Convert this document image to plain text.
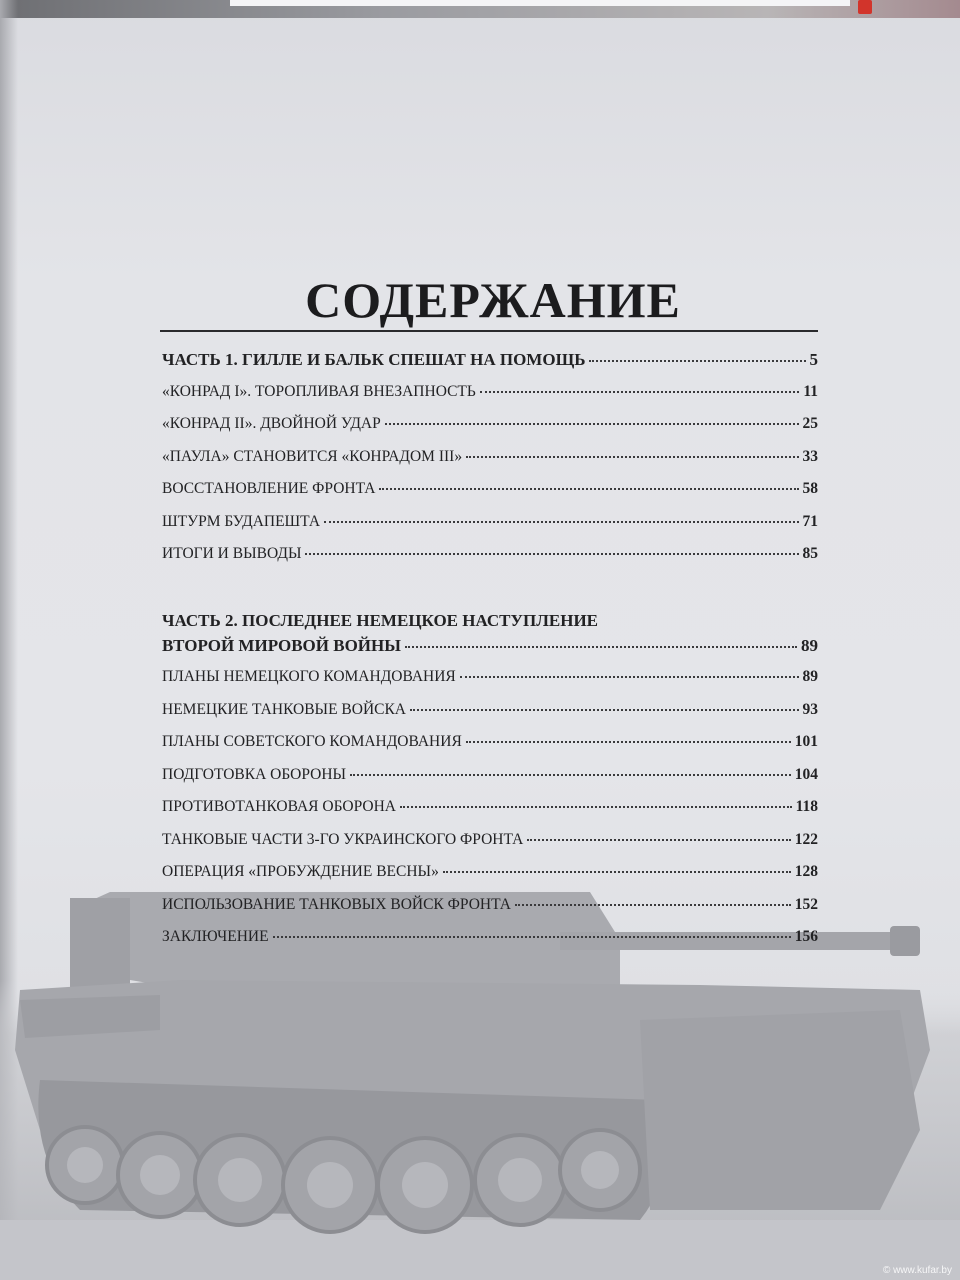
СОДЕРЖАНИЕ
ЧАСТЬ 1. ГИЛЛЕ И БАЛЬК СПЕШАТ НА ПОМОЩЬ	5
«КОНРАД I». ТОРОПЛИВАЯ ВНЕЗАПНОСТЬ	11
«КОНРАД II». ДВОЙНОЙ УДАР	25
«ПАУЛА» СТАНОВИТСЯ «КОНРАДОМ III»	33
ВОССТАНОВЛЕНИЕ ФРОНТА	58
ШТУРМ БУДАПЕШТА	71
ИТОГИ И ВЫВОДЫ	85
ЧАСТЬ 2. ПОСЛЕДНЕЕ НЕМЕЦКОЕ НАСТУПЛЕНИЕ
ВТОРОЙ МИРОВОЙ ВОЙНЫ	89
ПЛАНЫ НЕМЕЦКОГО КОМАНДОВАНИЯ	89
НЕМЕЦКИЕ ТАНКОВЫЕ ВОЙСКА	93
ПЛАНЫ СОВЕТСКОГО КОМАНДОВАНИЯ	101
ПОДГОТОВКА ОБОРОНЫ	104
ПРОТИВОТАНКОВАЯ ОБОРОНА	118
ТАНКОВЫЕ ЧАСТИ 3-ГО УКРАИНСКОГО ФРОНТА	122
ОПЕРАЦИЯ «ПРОБУЖДЕНИЕ ВЕСНЫ»	128
ИСПОЛЬЗОВАНИЕ ТАНКОВЫХ ВОЙСК ФРОНТА	152
ЗАКЛЮЧЕНИЕ	156
© www.kufar.by
